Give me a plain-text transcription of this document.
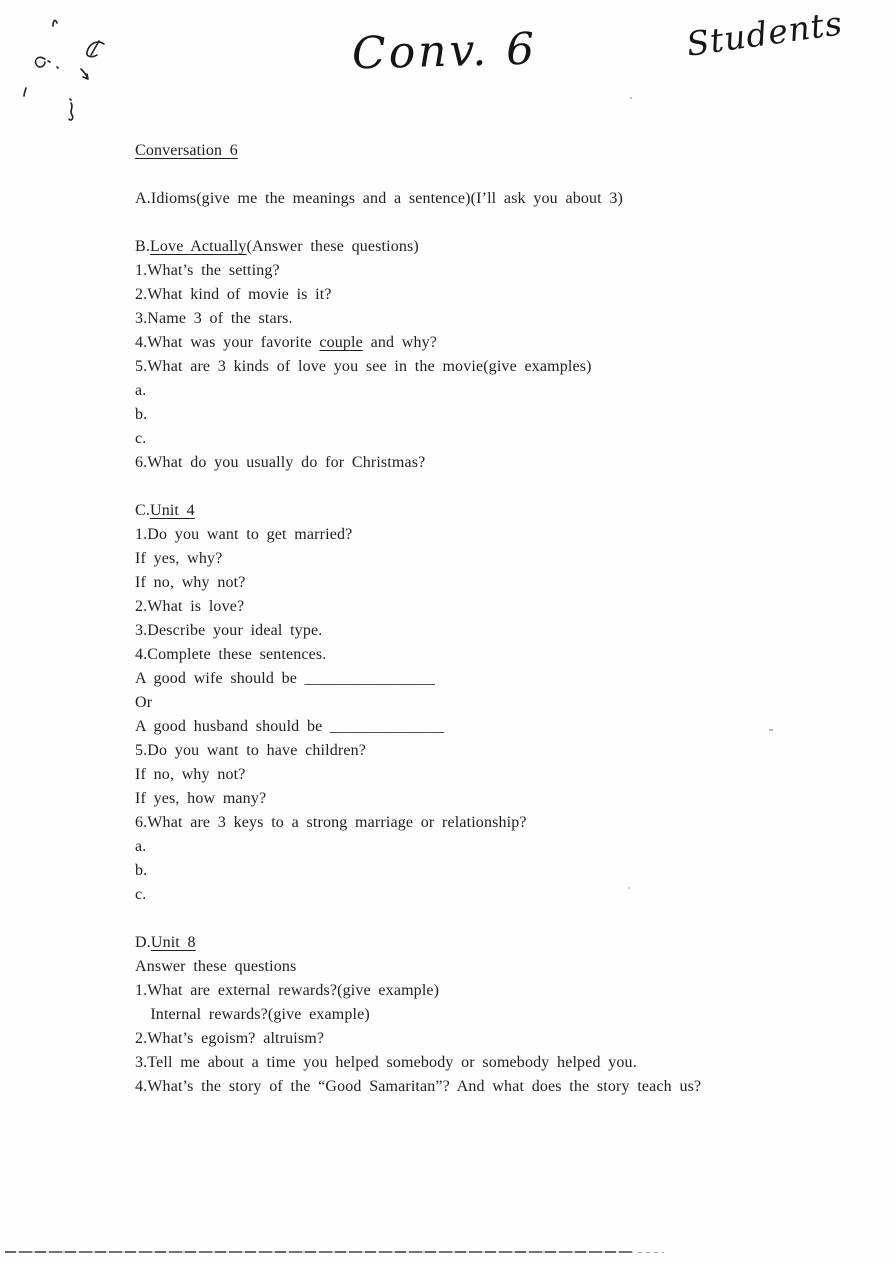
Conv. 6	Students
Conversation 6

A.Idioms(give me the meanings and a sentence)(I’ll ask you about 3)

B.Love Actually(Answer these questions)
1.What’s the setting?
2.What kind of movie is it?
3.Name 3 of the stars.
4.What was your favorite couple and why?
5.What are 3 kinds of love you see in the movie(give examples)
a.
b.
c.
6.What do you usually do for Christmas?

C.Unit 4
1.Do you want to get married?
If yes, why?
If no, why not?
2.What is love?
3.Describe your ideal type.
4.Complete these sentences.
A good wife should be ________________
Or
A good husband should be ______________
5.Do you want to have children?
If no, why not?
If yes, how many?
6.What are 3 keys to a strong marriage or relationship?
a.
b.
c.

D.Unit 8
Answer these questions
1.What are external rewards?(give example)
Internal rewards?(give example)
2.What’s egoism? altruism?
3.Tell me about a time you helped somebody or somebody helped you.
4.What’s the story of the “Good Samaritan”? And what does the story teach us?
